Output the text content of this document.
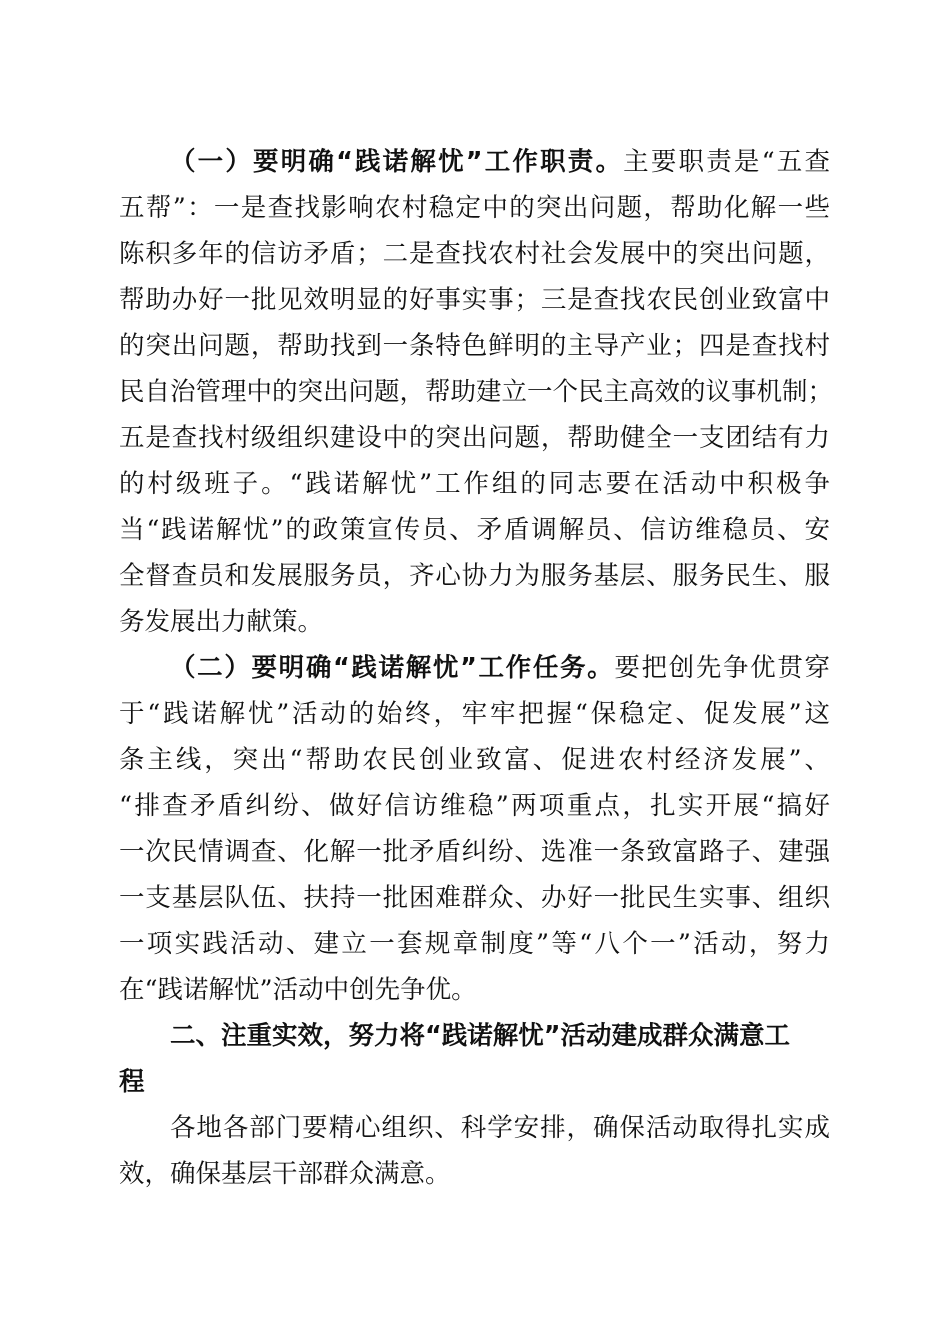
（一）要明确“践诺解忧”工作职责。主要职责是“五查
五帮”：一是查找影响农村稳定中的突出问题，帮助化解一些
陈积多年的信访矛盾；二是查找农村社会发展中的突出问题，
帮助办好一批见效明显的好事实事；三是查找农民创业致富中
的突出问题，帮助找到一条特色鲜明的主导产业；四是查找村
民自治管理中的突出问题，帮助建立一个民主高效的议事机制；
五是查找村级组织建设中的突出问题，帮助健全一支团结有力
的村级班子。“践诺解忧”工作组的同志要在活动中积极争
当“践诺解忧”的政策宣传员、矛盾调解员、信访维稳员、安
全督查员和发展服务员，齐心协力为服务基层、服务民生、服
务发展出力献策。
（二）要明确“践诺解忧”工作任务。要把创先争优贯穿
于“践诺解忧”活动的始终，牢牢把握“保稳定、促发展”这
条主线，突出“帮助农民创业致富、促进农村经济发展”、
“排查矛盾纠纷、做好信访维稳”两项重点，扎实开展“搞好
一次民情调查、化解一批矛盾纠纷、选准一条致富路子、建强
一支基层队伍、扶持一批困难群众、办好一批民生实事、组织
一项实践活动、建立一套规章制度”等“八个一”活动，努力
在“践诺解忧”活动中创先争优。
二、注重实效，努力将“践诺解忧”活动建成群众满意工
程
各地各部门要精心组织、科学安排，确保活动取得扎实成
效，确保基层干部群众满意。
